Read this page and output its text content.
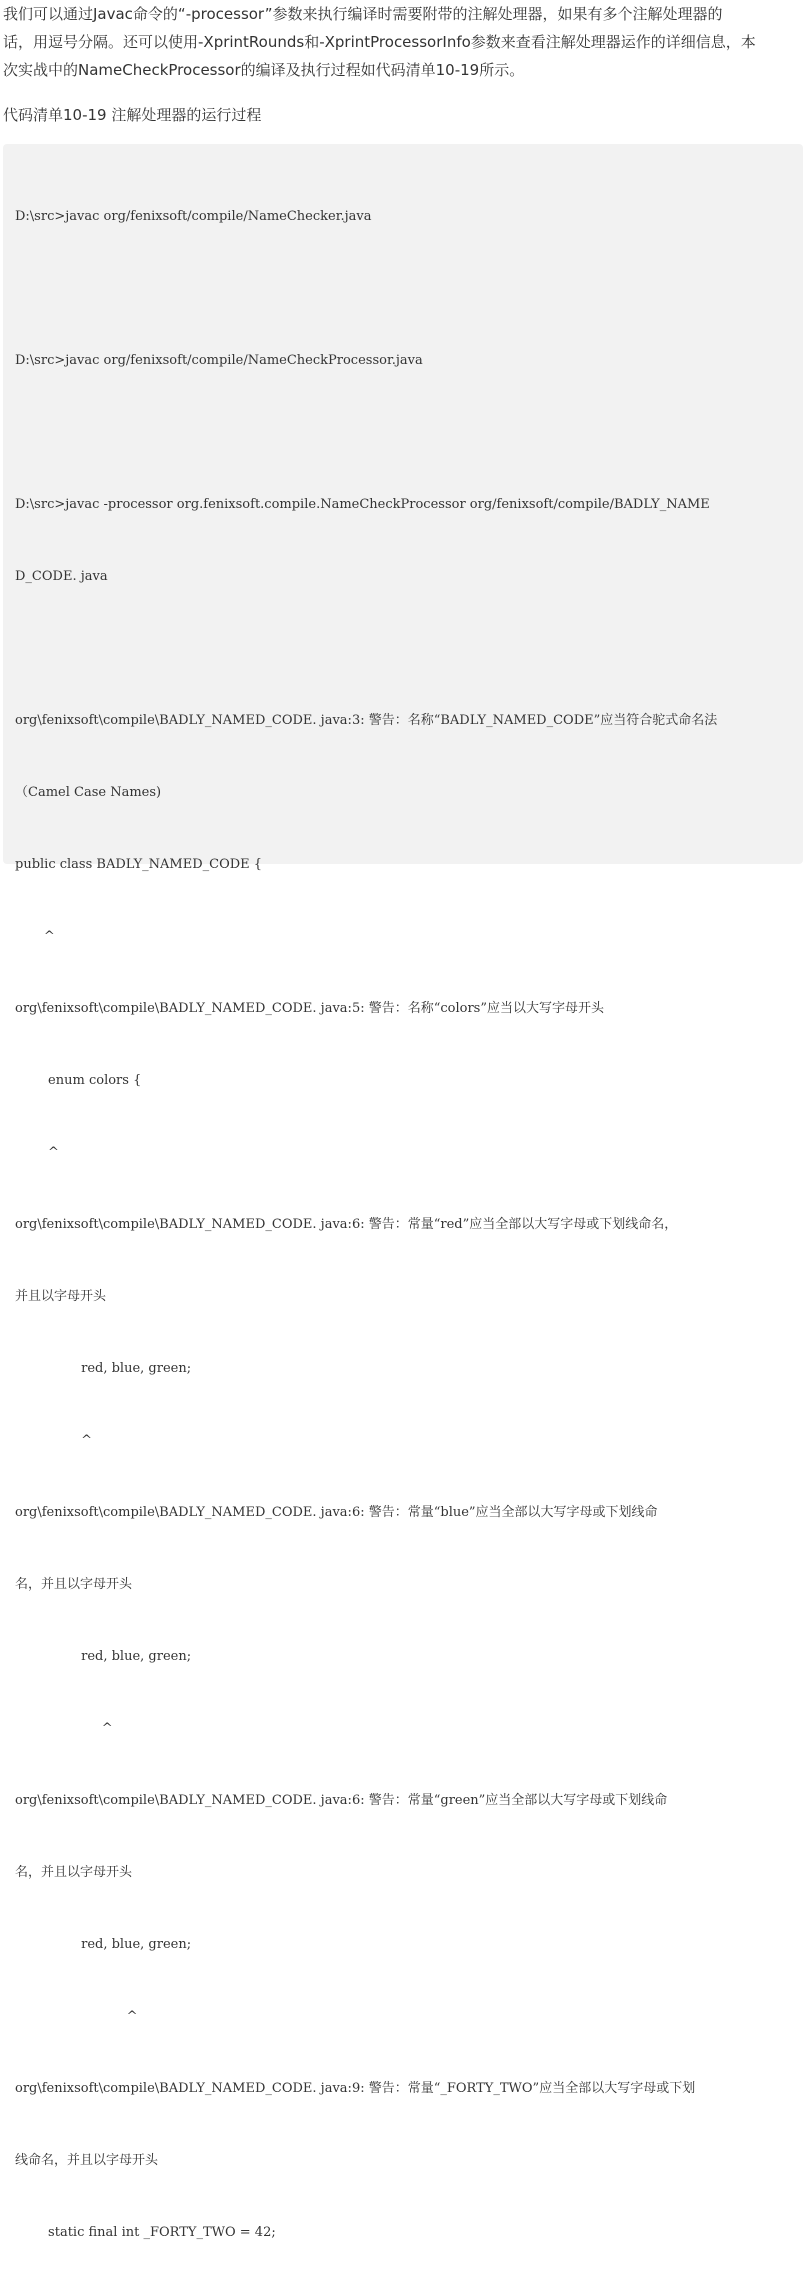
我们可以通过Javac命令的“-processor”参数来执行编译时需要附带的注解处理器，如果有多个注解处理器的
话，用逗号分隔。还可以使用-XprintRounds和-XprintProcessorInfo参数来查看注解处理器运作的详细信息，本
次实战中的NameCheckProcessor的编译及执行过程如代码清单10-19所示。
代码清单10-19 注解处理器的运行过程

D:\src>javac org/fenixsoft/compile/NameChecker.java

D:\src>javac org/fenixsoft/compile/NameCheckProcessor.java

D:\src>javac -processor org.fenixsoft.compile.NameCheckProcessor org/fenixsoft/compile/BADLY_NAME

D_CODE. java

org\fenixsoft\compile\BADLY_NAMED_CODE. java:3: 警告：名称“BADLY_NAMED_CODE”应当符合驼式命名法

（Camel Case Names)

public class BADLY_NAMED_CODE {

^

org\fenixsoft\compile\BADLY_NAMED_CODE. java:5: 警告：名称“colors”应当以大写字母开头

enum colors {

^

org\fenixsoft\compile\BADLY_NAMED_CODE. java:6: 警告：常量“red”应当全部以大写字母或下划线命名，

并且以字母开头

red, blue, green;

^

org\fenixsoft\compile\BADLY_NAMED_CODE. java:6: 警告：常量“blue”应当全部以大写字母或下划线命

名，并且以字母开头

red, blue, green;

^

org\fenixsoft\compile\BADLY_NAMED_CODE. java:6: 警告：常量“green”应当全部以大写字母或下划线命

名，并且以字母开头

red, blue, green;

^

org\fenixsoft\compile\BADLY_NAMED_CODE. java:9: 警告：常量“_FORTY_TWO”应当全部以大写字母或下划

线命名，并且以字母开头

static final int _FORTY_TWO = 42;
